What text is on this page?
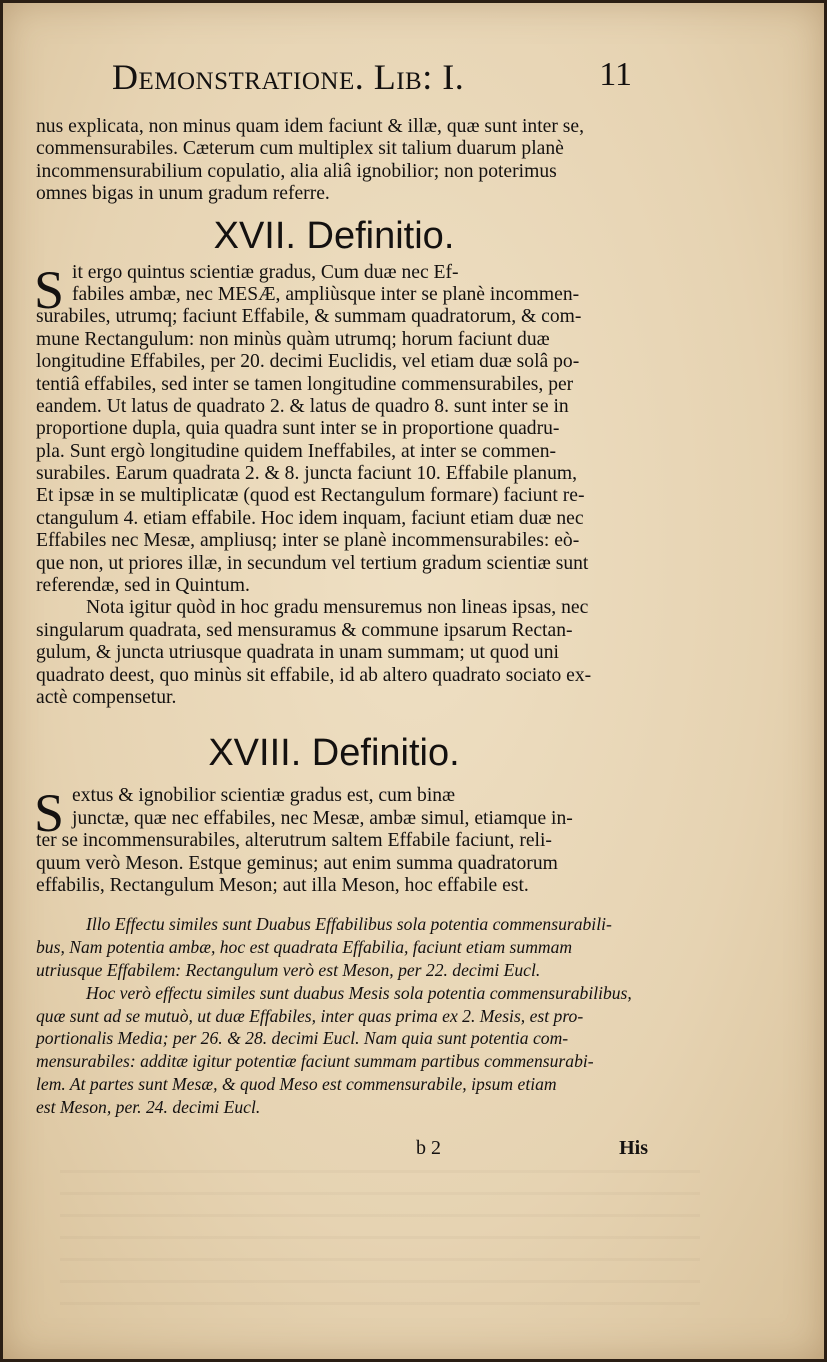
Demonstratione. Lib: I.	11
nus explicata, non minus quam idem faciunt & illæ, quæ sunt inter se,
commensurabiles. Cæterum cum multiplex sit talium duarum planè
incommensurabilium copulatio, alia aliâ ignobilior; non poterimus
omnes bigas in unum gradum referre.
XVII. Definitio.
S it ergo quintus scientiæ gradus, Cum duæ nec Ef-
fabiles ambæ, nec MESÆ, ampliùsque inter se planè incommen-
surabiles, utrumq; faciunt Effabile, & summam quadratorum, & com-
mune Rectangulum: non minùs quàm utrumq; horum faciunt duæ
longitudine Effabiles, per 20. decimi Euclidis, vel etiam duæ solâ po-
tentiâ effabiles, sed inter se tamen longitudine commensurabiles, per
eandem. Ut latus de quadrato 2. & latus de quadro 8. sunt inter se in
proportione dupla, quia quadra sunt inter se in proportione quadru-
pla. Sunt ergò longitudine quidem Ineffabiles, at inter se commen-
surabiles. Earum quadrata 2. & 8. juncta faciunt 10. Effabile planum,
Et ipsæ in se multiplicatæ (quod est Rectangulum formare) faciunt re-
ctangulum 4. etiam effabile. Hoc idem inquam, faciunt etiam duæ nec
Effabiles nec Mesæ, ampliusq; inter se planè incommensurabiles: eò-
que non, ut priores illæ, in secundum vel tertium gradum scientiæ sunt
referendæ, sed in Quintum.
Nota igitur quòd in hoc gradu mensuremus non lineas ipsas, nec
singularum quadrata, sed mensuramus & commune ipsarum Rectan-
gulum, & juncta utriusque quadrata in unam summam; ut quod uni
quadrato deest, quo minùs sit effabile, id ab altero quadrato sociato ex-
actè compensetur.
XVIII. Definitio.
S extus & ignobilior scientiæ gradus est, cum binæ
junctæ, quæ nec effabiles, nec Mesæ, ambæ simul, etiamque in-
ter se incommensurabiles, alterutrum saltem Effabile faciunt, reli-
quum verò Meson. Estque geminus; aut enim summa quadratorum
effabilis, Rectangulum Meson; aut illa Meson, hoc effabile est.
Illo Effectu similes sunt Duabus Effabilibus sola potentia commensurabili-
bus, Nam potentia ambæ, hoc est quadrata Effabilia, faciunt etiam summam
utriusque Effabilem: Rectangulum verò est Meson, per 22. decimi Eucl.
Hoc verò effectu similes sunt duabus Mesis sola potentia commensurabilibus,
quæ sunt ad se mutuò, ut duæ Effabiles, inter quas prima ex 2. Mesis, est pro-
portionalis Media; per 26. & 28. decimi Eucl. Nam quia sunt potentia com-
mensurabiles: additæ igitur potentiæ faciunt summam partibus commensurabi-
lem. At partes sunt Mesæ, & quod Meso est commensurabile, ipsum etiam
est Meson, per. 24. decimi Eucl.
b 2	His
